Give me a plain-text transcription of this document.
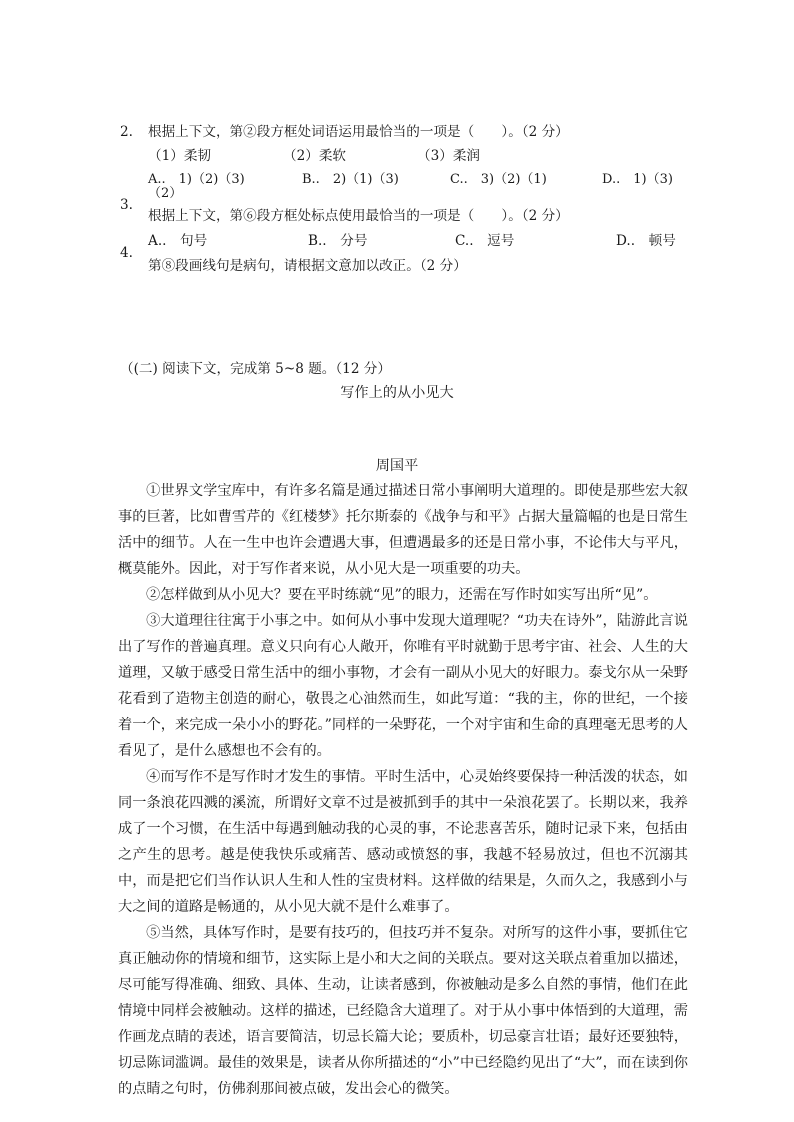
2. 根据上下文，第②段方框处词语运用最恰当的一项是（　　）。（2 分）
（1）柔韧	（2）柔软	（3）柔润
A..　1)（2)（3)	B..　2)（1)（3)	C..　3)（2)（1)	D..　1)（3)
（2）
3.
根据上下文，第⑥段方框处标点使用最恰当的一项是（　　）。（2 分）
A..　句号	B..　分号	C..　逗号	D..　顿号
4.
第⑧段画线句是病句，请根据文意加以改正。（2 分）
（(二) 阅读下文，完成第 5~8 题。（12 分）
写作上的从小见大
周国平
①世界文学宝库中，有许多名篇是通过描述日常小事阐明大道理的。即使是那些宏大叙事的巨著，比如曹雪芹的《红楼梦》托尔斯泰的《战争与和平》占据大量篇幅的也是日常生活中的细节。人在一生中也许会遭遇大事，但遭遇最多的还是日常小事，不论伟大与平凡，概莫能外。因此，对于写作者来说，从小见大是一项重要的功夫。
②怎样做到从小见大？要在平时练就“见”的眼力，还需在写作时如实写出所“见”。
③大道理往往寓于小事之中。如何从小事中发现大道理呢？“功夫在诗外”，陆游此言说出了写作的普遍真理。意义只向有心人敞开，你唯有平时就勤于思考宇宙、社会、人生的大道理，又敏于感受日常生活中的细小事物，才会有一副从小见大的好眼力。泰戈尔从一朵野花看到了造物主创造的耐心，敬畏之心油然而生，如此写道：“我的主，你的世纪，一个接着一个，来完成一朵小小的野花。”同样的一朵野花，一个对宇宙和生命的真理毫无思考的人看见了，是什么感想也不会有的。
④而写作不是写作时才发生的事情。平时生活中，心灵始终要保持一种活泼的状态，如同一条浪花四溅的溪流，所谓好文章不过是被抓到手的其中一朵浪花罢了。长期以来，我养成了一个习惯，在生活中每遇到触动我的心灵的事，不论悲喜苦乐，随时记录下来，包括由之产生的思考。越是使我快乐或痛苦、感动或愤怒的事，我越不轻易放过，但也不沉溺其中，而是把它们当作认识人生和人性的宝贵材料。这样做的结果是，久而久之，我感到小与大之间的道路是畅通的，从小见大就不是什么难事了。
⑤当然，具体写作时，是要有技巧的，但技巧并不复杂。对所写的这件小事，要抓住它真正触动你的情境和细节，这实际上是小和大之间的关联点。要对这关联点着重加以描述，尽可能写得准确、细致、具体、生动，让读者感到，你被触动是多么自然的事情，他们在此情境中同样会被触动。这样的描述，已经隐含大道理了。对于从小事中体悟到的大道理，需作画龙点睛的表述，语言要简洁，切忌长篇大论；要质朴，切忌豪言壮语；最好还要独特，切忌陈词滥调。最佳的效果是，读者从你所描述的“小”中已经隐约见出了“大”，而在读到你的点睛之句时，仿佛刹那间被点破，发出会心的微笑。
